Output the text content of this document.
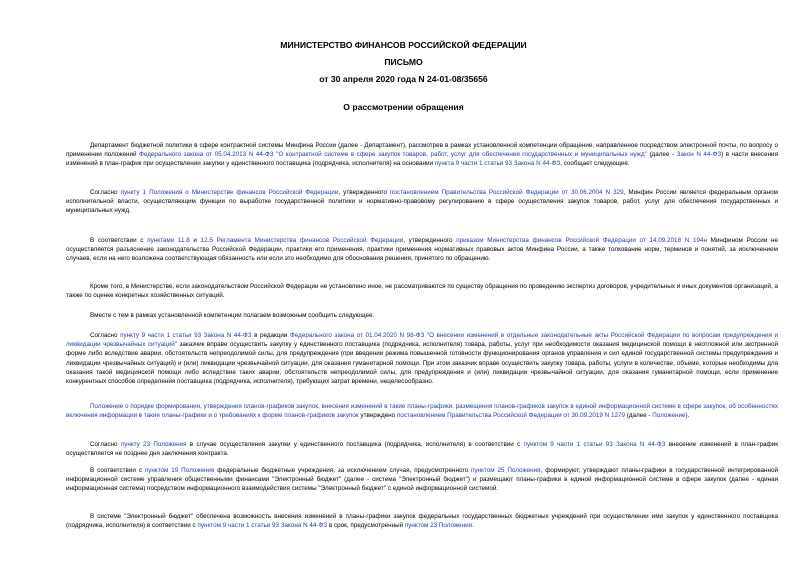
МИНИСТЕРСТВО ФИНАНСОВ РОССИЙСКОЙ ФЕДЕРАЦИИ
ПИСЬМО
от 30 апреля 2020 года N 24-01-08/35656
О рассмотрении обращения
Департамент бюджетной политики в сфере контрактной системы Минфина России (далее - Департамент), рассмотрев в рамках установленной компетенции обращение, направленное посредством электронной почты, по вопросу о применении положений Федерального закона от 05.04.2013 N 44-ФЗ "О контрактной системе в сфере закупок товаров, работ, услуг для обеспечения государственных и муниципальных нужд" (далее - Закон N 44-ФЗ) в части внесения изменений в план-график при осуществлении закупки у единственного поставщика (подрядчика, исполнителя) на основании пункта 9 части 1 статьи 93 Закона N 44-ФЗ, сообщает следующее.
Согласно пункту 1 Положения о Министерстве финансов Российской Федерации, утвержденного постановлением Правительства Российской Федерации от 30.06.2004 N 329, Минфин России является федеральным органом исполнительной власти, осуществляющим функции по выработке государственной политики и нормативно-правовому регулированию в сфере осуществления закупок товаров, работ, услуг для обеспечения государственных и муниципальных нужд.
В соответствии с пунктами 11.8 и 12.5 Регламента Министерства финансов Российской Федерации, утвержденного приказом Министерства финансов Российской Федерации от 14.09.2018 N 194н Минфином России не осуществляется разъяснение законодательства Российской Федерации, практики его применения, практики применения нормативных правовых актов Минфина России, а также толкование норм, терминов и понятий, за исключением случаев, если на него возложена соответствующая обязанность или если это необходимо для обоснования решения, принятого по обращению.
Кроме того, в Министерстве, если законодательством Российской Федерации не установлено иное, не рассматриваются по существу обращения по проведению экспертиз договоров, учредительных и иных документов организаций, а также по оценке конкретных хозяйственных ситуаций.
Вместе с тем в рамках установленной компетенции полагаем возможным сообщить следующее.
Согласно пункту 9 части 1 статьи 93 Закона N 44-ФЗ в редакции Федерального закона от 01.04.2020 N 98-ФЗ "О внесении изменений в отдельные законодательные акты Российской Федерации по вопросам предупреждения и ликвидации чрезвычайных ситуаций" заказчик вправе осуществить закупку у единственного поставщика (подрядчика, исполнителя) товара, работы, услуг при необходимости оказания медицинской помощи в неотложной или экстренной форме либо вследствие аварии, обстоятельств непреодолимой силы, для предупреждения (при введении режима повышенной готовности функционирования органов управления и сил единой государственной системы предупреждения и ликвидации чрезвычайных ситуаций) и (или) ликвидации чрезвычайной ситуации, для оказания гуманитарной помощи. При этом заказчик вправе осуществить закупку товара, работы, услуги в количестве, объеме, которые необходимы для оказания такой медицинской помощи либо вследствие таких аварии, обстоятельств непреодолимой силы, для предупреждения и (или) ликвидации чрезвычайной ситуации, для оказания гуманитарной помощи, если применение конкурентных способов определения поставщика (подрядчика, исполнителя), требующих затрат времени, нецелесообразно.
Положение о порядке формирования, утверждения планов-графиков закупок, внесения изменений в такие планы-графики, размещения планов-графиков закупок в единой информационной системе в сфере закупок, об особенностях включения информации в такие планы-графики и о требованиях к форме планов-графиков закупок утверждено постановлением Правительства Российской Федерации от 30.09.2019 N 1279 (далее - Положение).
Согласно пункту 23 Положения в случае осуществления закупки у единственного поставщика (подрядчика, исполнителя) в соответствии с пунктом 9 части 1 статьи 93 Закона N 44-ФЗ внесение изменений в план-график осуществляется не позднее дня заключения контракта.
В соответствии с пунктом 19 Положения федеральные бюджетные учреждения, за исключением случая, предусмотренного пунктом 25 Положения, формируют, утверждают планы-графики в государственной интегрированной информационной системе управления общественными финансами "Электронный бюджет" (далее - система "Электронный бюджет") и размещают планы-графики в единой информационной системе в сфере закупок (далее - единая информационная система) посредством информационного взаимодействия системы "Электронный бюджет" с единой информационной системой.
В системе "Электронный бюджет" обеспечена возможность внесения изменений в планы-графики закупок федеральных государственных бюджетных учреждений при осуществлении ими закупок у единственного поставщика (подрядчика, исполнителя) в соответствии с пунктом 9 части 1 статьи 93 Закона N 44-ФЗ в срок, предусмотренный пунктом 23 Положения.
